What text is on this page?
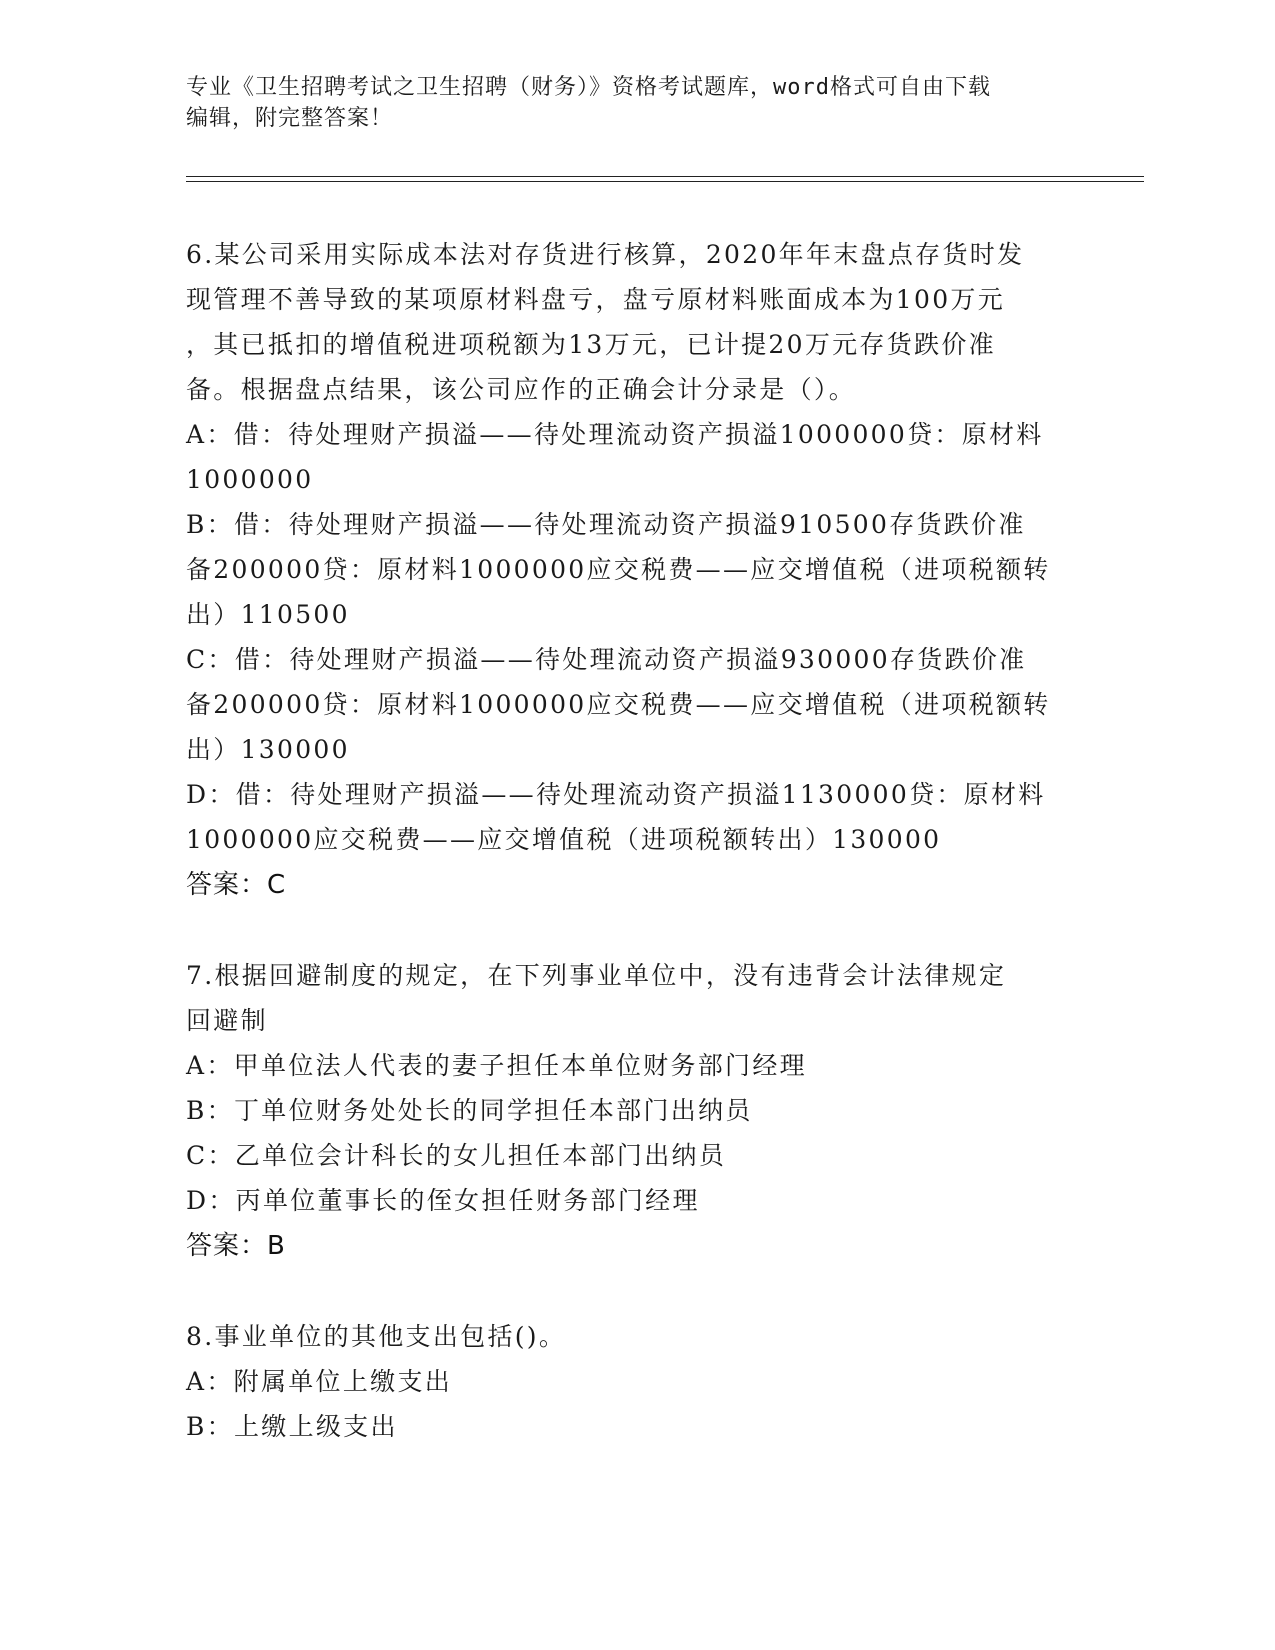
专业《卫生招聘考试之卫生招聘（财务）》资格考试题库，word格式可自由下载
编辑，附完整答案！
6.某公司采用实际成本法对存货进行核算，2020年年末盘点存货时发
现管理不善导致的某项原材料盘亏，盘亏原材料账面成本为100万元
，其已抵扣的增值税进项税额为13万元，已计提20万元存货跌价准
备。根据盘点结果，该公司应作的正确会计分录是（）。
A：借：待处理财产损溢——待处理流动资产损溢1000000贷：原材料
1000000
B：借：待处理财产损溢——待处理流动资产损溢910500存货跌价准
备200000贷：原材料1000000应交税费——应交增值税（进项税额转
出）110500
C：借：待处理财产损溢——待处理流动资产损溢930000存货跌价准
备200000贷：原材料1000000应交税费——应交增值税（进项税额转
出）130000
D：借：待处理财产损溢——待处理流动资产损溢1130000贷：原材料
1000000应交税费——应交增值税（进项税额转出）130000
答案：C
7.根据回避制度的规定，在下列事业单位中，没有违背会计法律规定
回避制
A：甲单位法人代表的妻子担任本单位财务部门经理
B：丁单位财务处处长的同学担任本部门出纳员
C：乙单位会计科长的女儿担任本部门出纳员
D：丙单位董事长的侄女担任财务部门经理
答案：B
8.事业单位的其他支出包括()。
A：附属单位上缴支出
B：上缴上级支出
